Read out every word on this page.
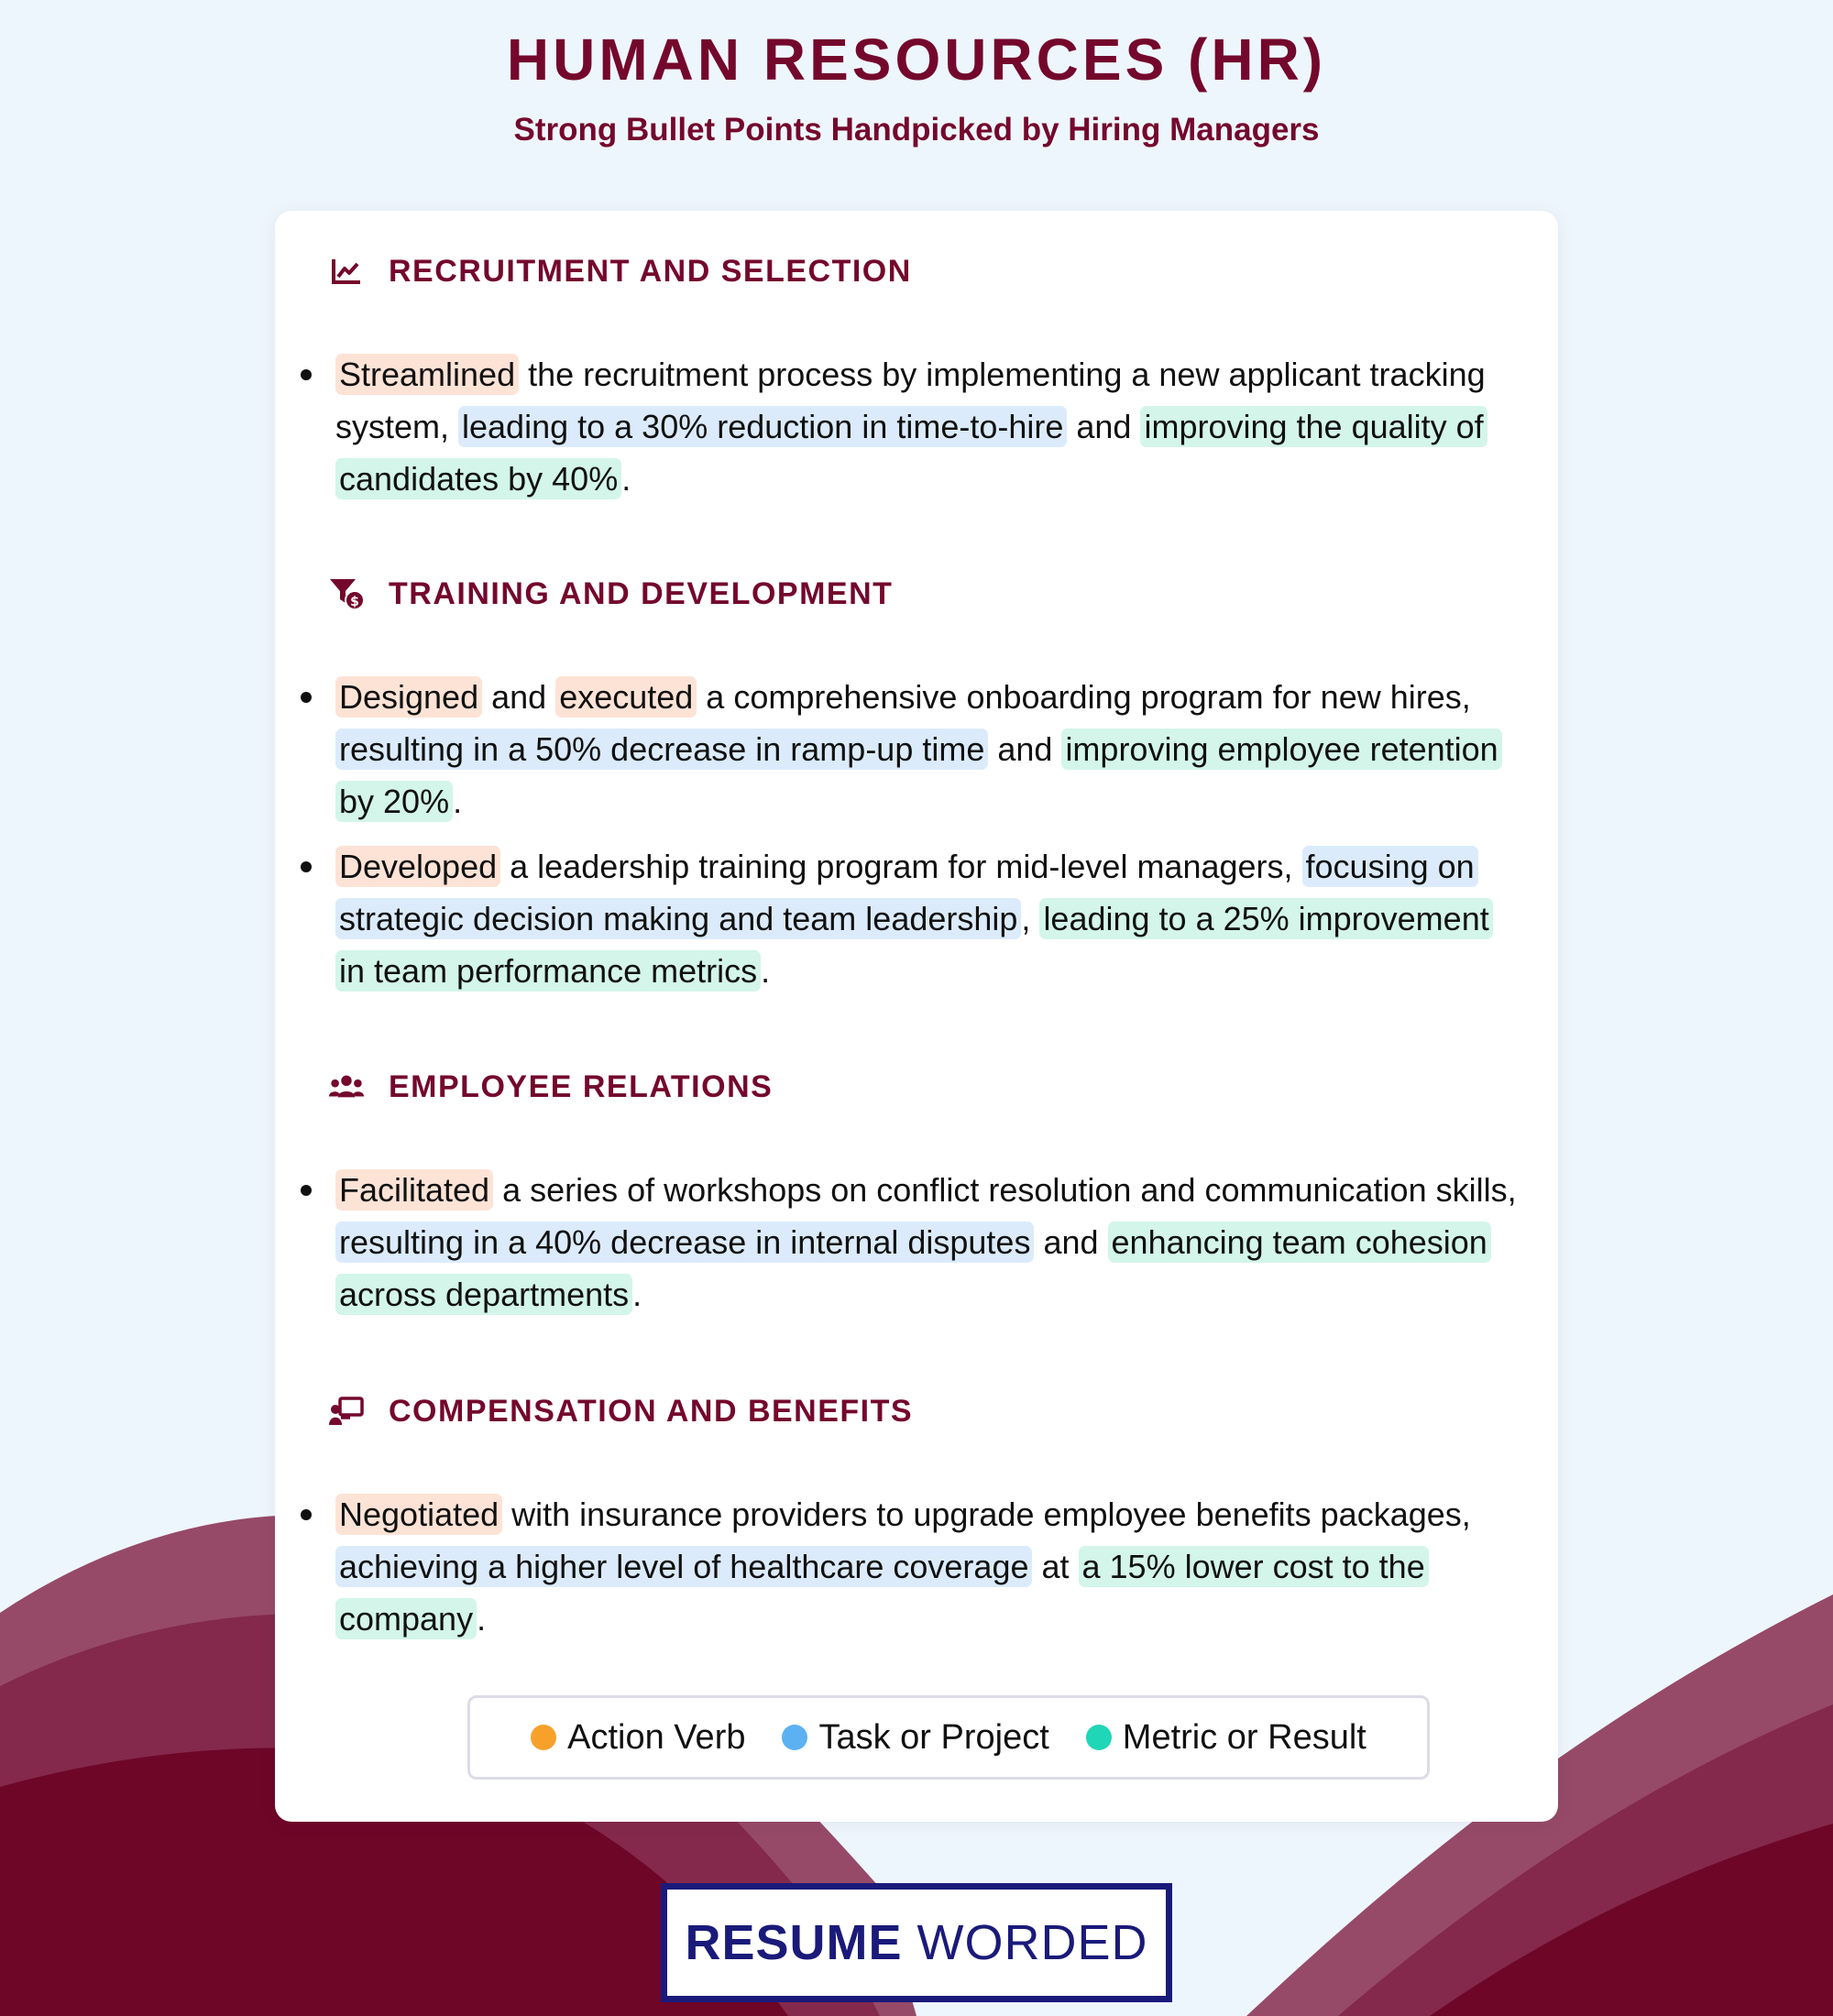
HUMAN RESOURCES (HR)
Strong Bullet Points Handpicked by Hiring Managers
RECRUITMENT AND SELECTION
Streamlined the recruitment process by implementing a new applicant tracking system, leading to a 30% reduction in time-to-hire and improving the quality of candidates by 40% .
$ TRAINING AND DEVELOPMENT
Designed and executed a comprehensive onboarding program for new hires, resulting in a 50% decrease in ramp-up time and improving employee retention by 20% .
Developed a leadership training program for mid-level managers, focusing on strategic decision making and team leadership , leading to a 25% improvement in team performance metrics .
EMPLOYEE RELATIONS
Facilitated a series of workshops on conflict resolution and communication skills, resulting in a 40% decrease in internal disputes and enhancing team cohesion across departments .
COMPENSATION AND BENEFITS
Negotiated with insurance providers to upgrade employee benefits packages, achieving a higher level of healthcare coverage at a 15% lower cost to the company .
Action Verb Task or Project Metric or Result
RESUME WORDED
